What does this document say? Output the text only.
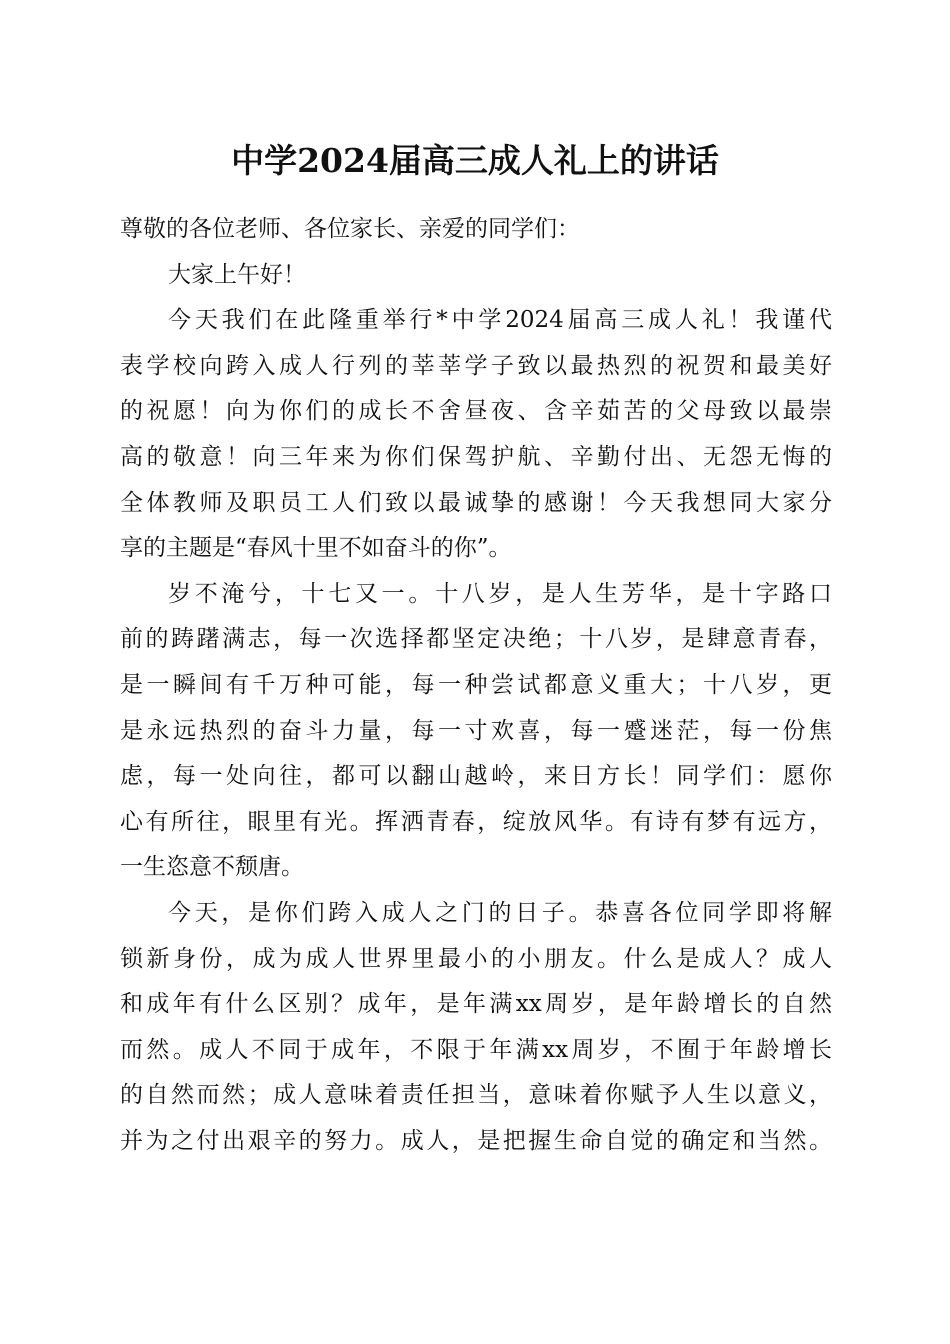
中学2024届高三成人礼上的讲话
尊敬的各位老师、各位家长、亲爱的同学们：
大家上午好！
今天我们在此隆重举行*中学2024届高三成人礼！我谨代
表学校向跨入成人行列的莘莘学子致以最热烈的祝贺和最美好
的祝愿！向为你们的成长不舍昼夜、含辛茹苦的父母致以最崇
高的敬意！向三年来为你们保驾护航、辛勤付出、无怨无悔的
全体教师及职员工人们致以最诚挚的感谢！今天我想同大家分
享的主题是“春风十里不如奋斗的你”。
岁不淹兮，十七又一。十八岁，是人生芳华，是十字路口
前的踌躇满志，每一次选择都坚定决绝；十八岁，是肆意青春，
是一瞬间有千万种可能，每一种尝试都意义重大；十八岁，更
是永远热烈的奋斗力量，每一寸欢喜，每一蹙迷茫，每一份焦
虑，每一处向往，都可以翻山越岭，来日方长！同学们：愿你
心有所往，眼里有光。挥洒青春，绽放风华。有诗有梦有远方，
一生恣意不颓唐。
今天，是你们跨入成人之门的日子。恭喜各位同学即将解
锁新身份，成为成人世界里最小的小朋友。什么是成人？成人
和成年有什么区别？成年，是年满xx周岁，是年龄增长的自然
而然。成人不同于成年，不限于年满xx周岁，不囿于年龄增长
的自然而然；成人意味着责任担当，意味着你赋予人生以意义，
并为之付出艰辛的努力。成人，是把握生命自觉的确定和当然。
